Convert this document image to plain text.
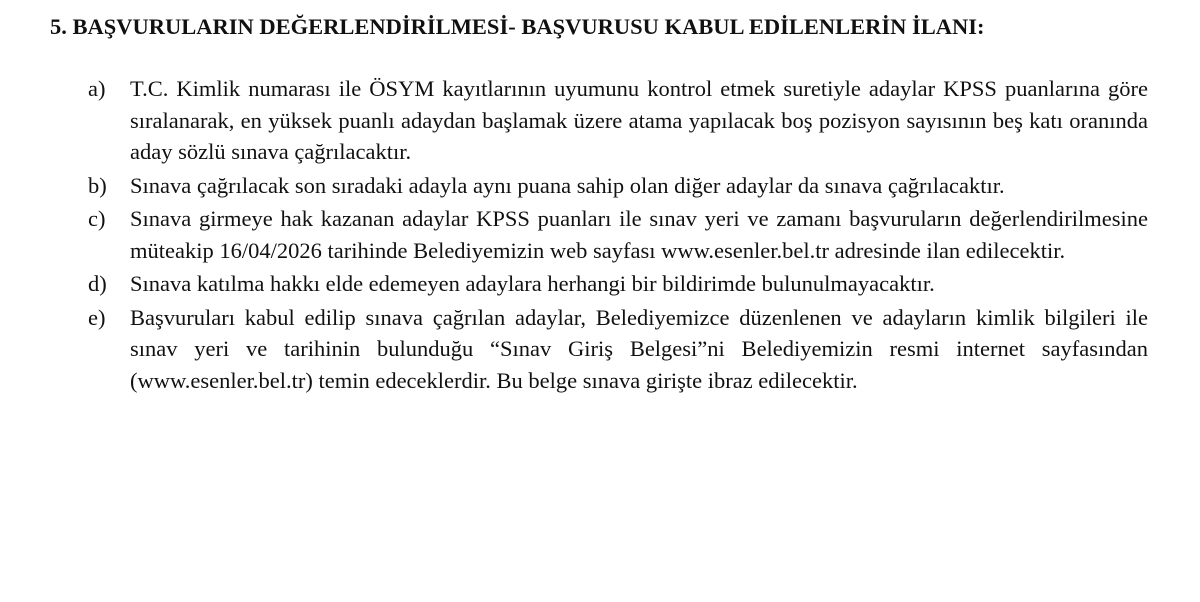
5. BAŞVURULARIN DEĞERLENDİRİLMESİ- BAŞVURUSU KABUL EDİLENLERİN İLANI:
a)	T.C. Kimlik numarası ile ÖSYM kayıtlarının uyumunu kontrol etmek suretiyle adaylar KPSS puanlarına göre sıralanarak, en yüksek puanlı adaydan başlamak üzere atama yapılacak boş pozisyon sayısının beş katı oranında aday sözlü sınava çağrılacaktır.
b)	Sınava çağrılacak son sıradaki adayla aynı puana sahip olan diğer adaylar da sınava çağrılacaktır.
c)	Sınava girmeye hak kazanan adaylar KPSS puanları ile sınav yeri ve zamanı başvuruların değerlendirilmesine müteakip 16/04/2026 tarihinde Belediyemizin web sayfası www.esenler.bel.tr adresinde ilan edilecektir.
d)	Sınava katılma hakkı elde edemeyen adaylara herhangi bir bildirimde bulunulmayacaktır.
e)	Başvuruları kabul edilip sınava çağrılan adaylar, Belediyemizce düzenlenen ve adayların kimlik bilgileri ile sınav yeri ve tarihinin bulunduğu “Sınav Giriş Belgesi”ni Belediyemizin resmi internet sayfasından (www.esenler.bel.tr) temin edeceklerdir. Bu belge sınava girişte ibraz edilecektir.
